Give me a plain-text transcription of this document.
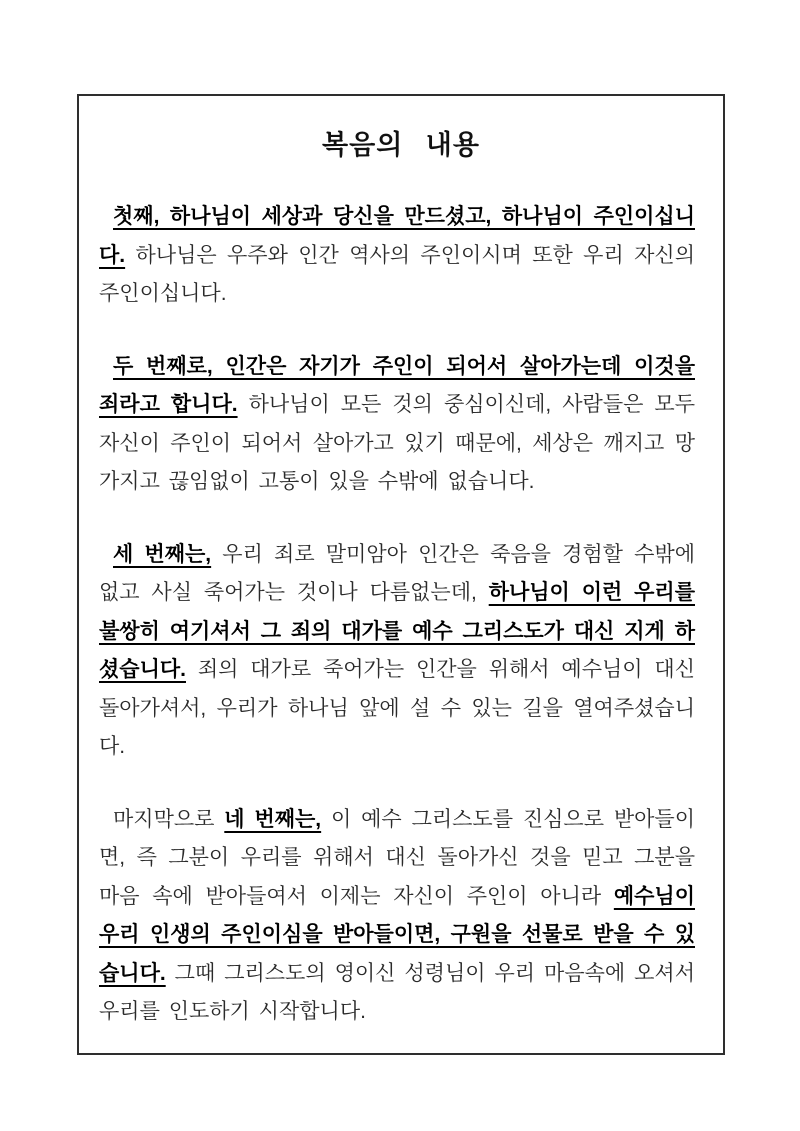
복음의 내용

첫째, 하나님이 세상과 당신을 만드셨고, 하나님이 주인이십니다. 하나님은 우주와 인간 역사의 주인이시며 또한 우리 자신의 주인이십니다.

두 번째로, 인간은 자기가 주인이 되어서 살아가는데 이것을 죄라고 합니다. 하나님이 모든 것의 중심이신데, 사람들은 모두 자신이 주인이 되어서 살아가고 있기 때문에, 세상은 깨지고 망가지고 끊임없이 고통이 있을 수밖에 없습니다.

세 번째는, 우리 죄로 말미암아 인간은 죽음을 경험할 수밖에 없고 사실 죽어가는 것이나 다름없는데, 하나님이 이런 우리를 불쌍히 여기셔서 그 죄의 대가를 예수 그리스도가 대신 지게 하셨습니다. 죄의 대가로 죽어가는 인간을 위해서 예수님이 대신 돌아가셔서, 우리가 하나님 앞에 설 수 있는 길을 열여주셨습니다.

마지막으로 네 번째는, 이 예수 그리스도를 진심으로 받아들이면, 즉 그분이 우리를 위해서 대신 돌아가신 것을 믿고 그분을 마음 속에 받아들여서 이제는 자신이 주인이 아니라 예수님이 우리 인생의 주인이심을 받아들이면, 구원을 선물로 받을 수 있습니다. 그때 그리스도의 영이신 성령님이 우리 마음속에 오셔서 우리를 인도하기 시작합니다.
